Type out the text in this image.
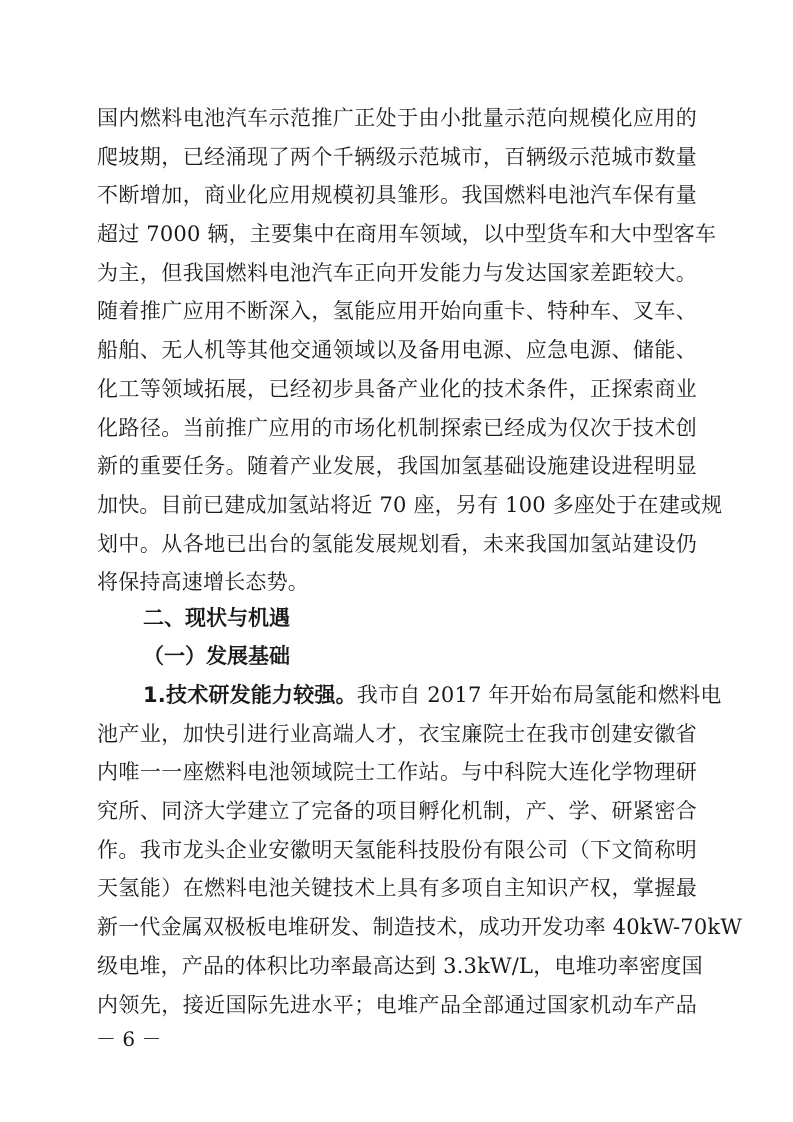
国内燃料电池汽车示范推广正处于由小批量示范向规模化应用的
爬坡期，已经涌现了两个千辆级示范城市，百辆级示范城市数量
不断增加，商业化应用规模初具雏形。我国燃料电池汽车保有量
超过 7000 辆，主要集中在商用车领域，以中型货车和大中型客车
为主，但我国燃料电池汽车正向开发能力与发达国家差距较大。
随着推广应用不断深入，氢能应用开始向重卡、特种车、叉车、
船舶、无人机等其他交通领域以及备用电源、应急电源、储能、
化工等领域拓展，已经初步具备产业化的技术条件，正探索商业
化路径。当前推广应用的市场化机制探索已经成为仅次于技术创
新的重要任务。随着产业发展，我国加氢基础设施建设进程明显
加快。目前已建成加氢站将近 70 座，另有 100 多座处于在建或规
划中。从各地已出台的氢能发展规划看，未来我国加氢站建设仍
将保持高速增长态势。
二、现状与机遇
（一）发展基础
1.技术研发能力较强。我市自 2017 年开始布局氢能和燃料电
池产业，加快引进行业高端人才，衣宝廉院士在我市创建安徽省
内唯一一座燃料电池领域院士工作站。与中科院大连化学物理研
究所、同济大学建立了完备的项目孵化机制，产、学、研紧密合
作。我市龙头企业安徽明天氢能科技股份有限公司（下文简称明
天氢能）在燃料电池关键技术上具有多项自主知识产权，掌握最
新一代金属双极板电堆研发、制造技术，成功开发功率 40kW-70kW
级电堆，产品的体积比功率最高达到 3.3kW/L，电堆功率密度国
内领先，接近国际先进水平；电堆产品全部通过国家机动车产品
－ 6 －
